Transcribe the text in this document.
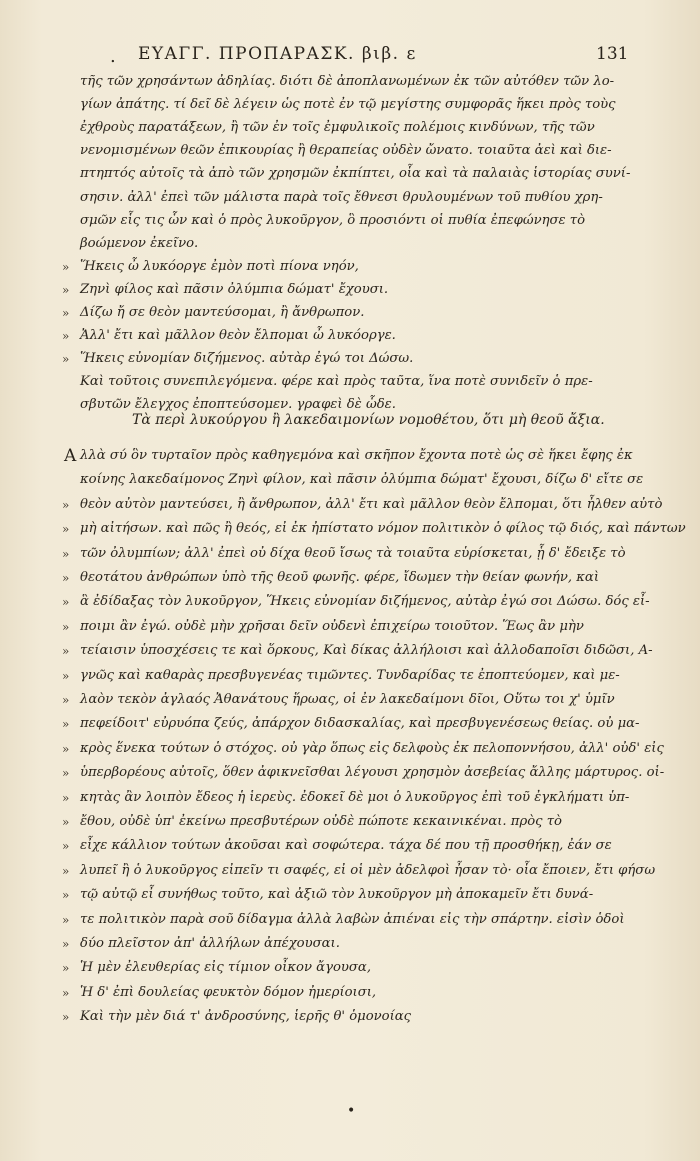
. ΕΥΑΓΓ. ΠΡΟΠΑΡΑΣΚ. βιβ. ε	131
τῆς τῶν χρησάντων ἀδηλίας. διότι δὲ ἀποπλανωμένων ἐκ τῶν αὐτόθεν τῶν λο-
γίων ἀπάτης. τί δεῖ δὲ λέγειν ὡς ποτὲ ἐν τῷ μεγίστης συμφορᾶς ἥκει πρὸς τοὺς
ἐχθροὺς παρατάξεων, ἢ τῶν ἐν τοῖς ἐμφυλικοῖς πολέμοις κινδύνων, τῆς τῶν
νενομισμένων θεῶν ἐπικουρίας ἢ θεραπείας οὐδὲν ὤνατο. τοιαῦτα ἀεὶ καὶ διε-
πτηπτός αὐτοῖς τὰ ἀπὸ τῶν χρησμῶν ἐκπίπτει, οἷα καὶ τὰ παλαιὰς ἱστορίας συνί-
σησιν. ἀλλ' ἐπεὶ τῶν μάλιστα παρὰ τοῖς ἔθνεσι θρυλουμένων τοῦ πυθίου χρη-
σμῶν εἷς τις ὧν καὶ ὁ πρὸς λυκοῦργον, ὃ προσιόντι οἱ πυθία ἐπεφώνησε τὸ
βοώμενον ἐκεῖνο.
» Ἥκεις ὦ λυκόοργε ἐμὸν ποτὶ πίονα νηόν,
» Ζηνὶ φίλος καὶ πᾶσιν ὀλύμπια δώματ' ἔχουσι.
» Δίζω ἤ σε θεὸν μαντεύσομαι, ἢ ἄνθρωπον.
» Ἀλλ' ἔτι καὶ μᾶλλον θεὸν ἔλπομαι ὦ λυκόοργε.
» Ἥκεις εὐνομίαν διζήμενος. αὐτὰρ ἐγώ τοι Δώσω.
Καὶ τοῦτοις συνεπιλεγόμενα. φέρε καὶ πρὸς ταῦτα, ἵνα ποτὲ συνιδεῖν ὁ πρε-
σβυτῶν ἔλεγχος ἐποπτεύσομεν. γραφεὶ δὲ ὧδε.
Τὰ περὶ λυκούργου ἢ λακεδαιμονίων νομοθέτου, ὅτι μὴ θεοῦ ἄξια.
Α λλὰ σύ ὃν τυρταῖον πρὸς καθηγεμόνα καὶ σκῆπον ἔχοντα ποτὲ ὡς σὲ ἥκει ἔφης ἐκ
κοίνης λακεδαίμονος Ζηνὶ φίλον, καὶ πᾶσιν ὀλύμπια δώματ' ἔχουσι, δίζω δ' εἴτε σε
» θεὸν αὐτὸν μαντεύσει, ἢ ἄνθρωπον, ἀλλ' ἔτι καὶ μᾶλλον θεὸν ἔλπομαι, ὅτι ἦλθεν αὐτὸ
» μὴ αἰτήσων. καὶ πῶς ἢ θεός, εἰ ἐκ ἠπίστατο νόμον πολιτικὸν ὁ φίλος τῷ διός, καὶ πάντων
» τῶν ὀλυμπίων; ἀλλ' ἐπεὶ οὐ δίχα θεοῦ ἴσως τὰ τοιαῦτα εὑρίσκεται, ᾗ δ' ἔδειξε τὸ
» θεοτάτου ἀνθρώπων ὑπὸ τῆς θεοῦ φωνῆς. φέρε, ἴδωμεν τὴν θείαν φωνήν, καὶ
» ἃ ἐδίδαξας τὸν λυκοῦργον, Ἥκεις εὐνομίαν διζήμενος, αὐτὰρ ἐγώ σοι Δώσω. δός εἶ-
» ποιμι ἂν ἐγώ. οὐδὲ μὴν χρῆσαι δεῖν οὐδενὶ ἐπιχείρω τοιοῦτον. Ἕως ἂν μὴν
» τείαισιν ὑποσχέσεις τε καὶ ὅρκους, Καὶ δίκας ἀλλήλοισι καὶ ἀλλοδαποῖσι διδῶσι, Α-
» γνῶς καὶ καθαρὰς πρεσβυγενέας τιμῶντες. Τυνδαρίδας τε ἐποπτεύομεν, καὶ με-
» λαὸν τεκὸν ἀγλαός Ἀθανάτους ἥρωας, οἱ ἐν λακεδαίμονι δῖοι, Οὕτω τοι χ' ὑμῖν
» πεφείδοιτ' εὐρυόπα ζεύς, ἀπάρχον διδασκαλίας, καὶ πρεσβυγενέσεως θείας. οὐ μα-
» κρὸς ἕνεκα τούτων ὁ στόχος. οὐ γὰρ ὅπως εἰς δελφοὺς ἐκ πελοποννήσου, ἀλλ' οὐδ' εἰς
» ὑπερβορέους αὐτοῖς, ὅθεν ἀφικνεῖσθαι λέγουσι χρησμὸν ἀσεβείας ἄλλης μάρτυρος. οἱ-
» κητὰς ἂν λοιπὸν ἔδεος ἡ ἱερεὺς. ἐδοκεῖ δὲ μοι ὁ λυκοῦργος ἐπὶ τοῦ ἐγκλήματι ὑπ-
» ἔθου, οὐδὲ ὑπ' ἐκείνω πρεσβυτέρων οὐδὲ πώποτε κεκαινικέναι. πρὸς τὸ
» εἶχε κάλλιον τούτων ἀκοῦσαι καὶ σοφώτερα. τάχα δέ που τῇ προσθήκῃ, ἐάν σε
» λυπεῖ ἢ ὁ λυκοῦργος εἰπεῖν τι σαφές, εἰ οἱ μὲν ἀδελφοὶ ἦσαν τὸ· οἷα ἔποιεν, ἔτι φήσω
» τῷ αὐτῷ εἶ συνήθως τοῦτο, καὶ ἀξιῶ τὸν λυκοῦργον μὴ ἀποκαμεῖν ἔτι δυνά-
» τε πολιτικὸν παρὰ σοῦ δίδαγμα ἀλλὰ λαβὼν ἀπιέναι εἰς τὴν σπάρτην. εἰσὶν ὁδοὶ
» δύο πλεῖστον ἀπ' ἀλλήλων ἀπέχουσαι.
» Ἡ μὲν ἐλευθερίας εἰς τίμιον οἶκον ἄγουσα,
» Ἡ δ' ἐπὶ δουλείας φευκτὸν δόμον ἠμερίοισι,
» Καὶ τὴν μὲν διά τ' ἀνδροσύνης, ἱερῆς θ' ὁμονοίας
•
